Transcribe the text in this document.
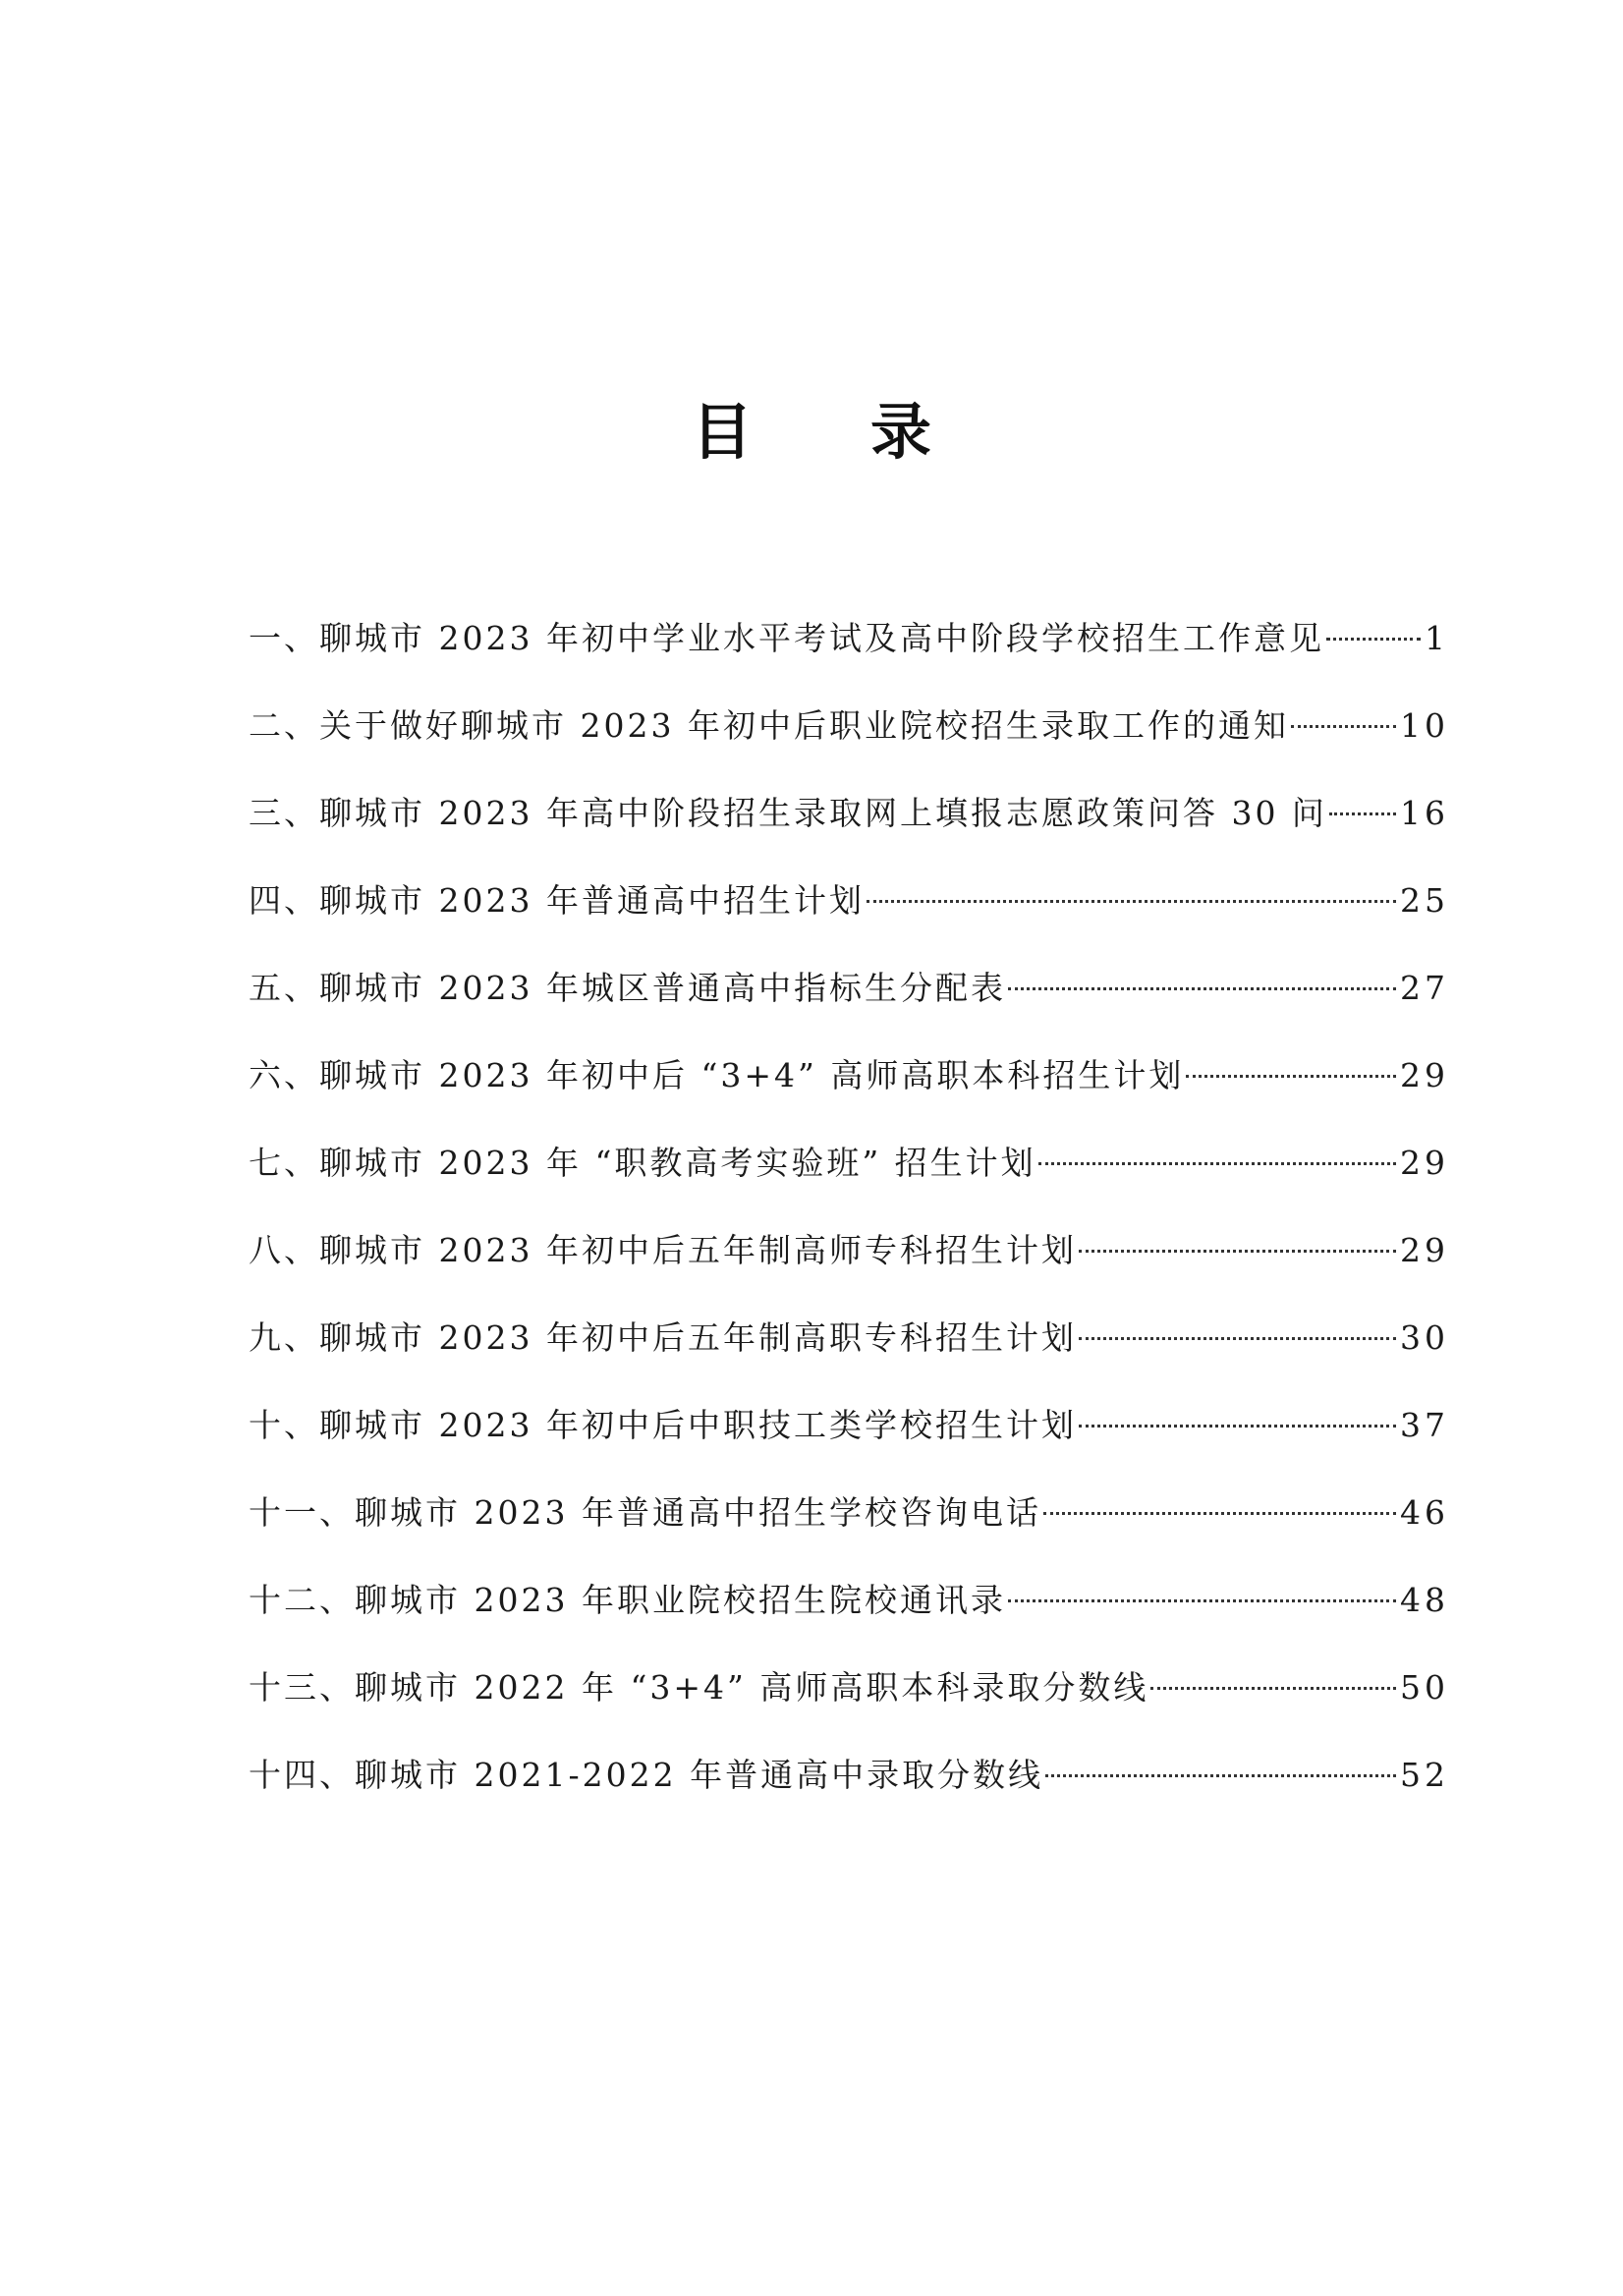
目 录
一、聊城市 2023 年初中学业水平考试及高中阶段学校招生工作意见	1
二、关于做好聊城市 2023 年初中后职业院校招生录取工作的通知	10
三、聊城市 2023 年高中阶段招生录取网上填报志愿政策问答 30 问 16
四、聊城市 2023 年普通高中招生计划	25
五、聊城市 2023 年城区普通高中指标生分配表	27
六、聊城市 2023 年初中后 “3+4” 高师高职本科招生计划	29
七、聊城市 2023 年 “职教高考实验班” 招生计划	29
八、聊城市 2023 年初中后五年制高师专科招生计划	29
九、聊城市 2023 年初中后五年制高职专科招生计划	30
十、聊城市 2023 年初中后中职技工类学校招生计划	37
十一、聊城市 2023 年普通高中招生学校咨询电话	46
十二、聊城市 2023 年职业院校招生院校通讯录	48
十三、聊城市 2022 年 “3+4” 高师高职本科录取分数线	50
十四、聊城市 2021-2022 年普通高中录取分数线	52
